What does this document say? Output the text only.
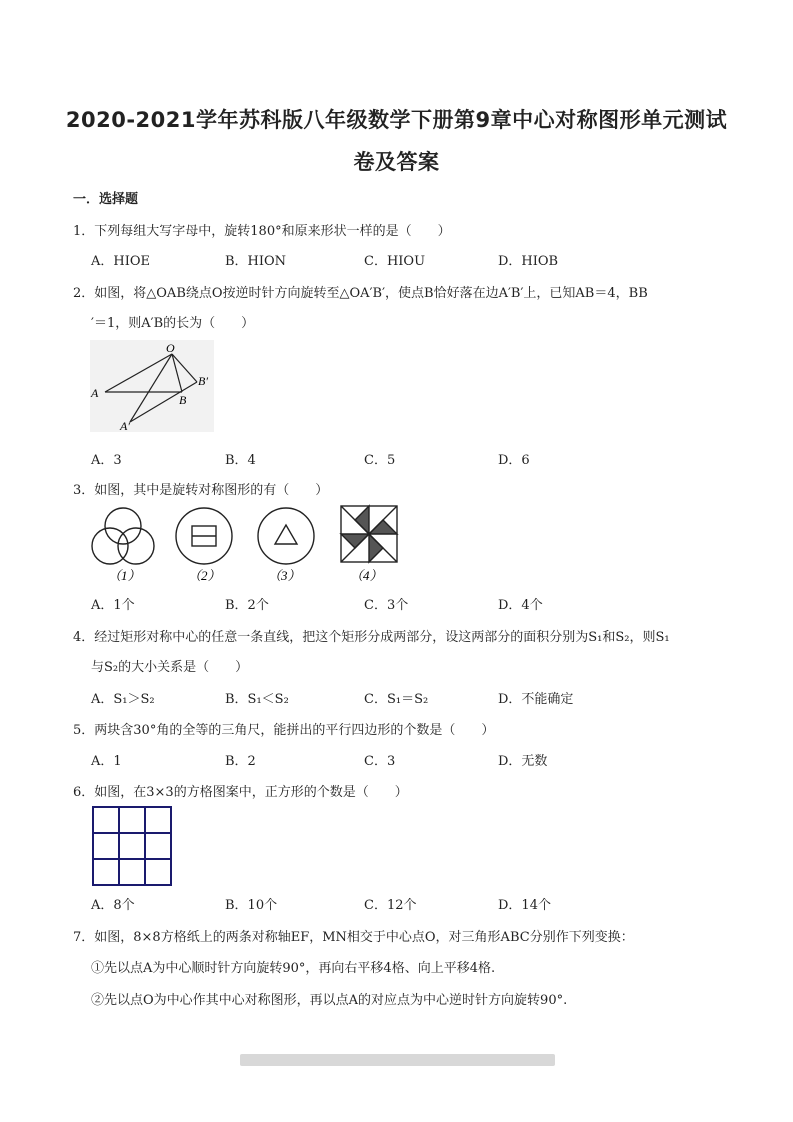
2020-2021学年苏科版八年级数学下册第9章中心对称图形单元测试
卷及答案
一．选择题
1．下列每组大写字母中，旋转180°和原来形状一样的是（　　）
A．HIOE	B．HION	C．HIOU	D．HIOB
2．如图，将△OAB绕点O按逆时针方向旋转至△OA′B′，使点B恰好落在边A′B′上，已知AB＝4，BB
′＝1，则A′B的长为（　　）
O
A	B
B′
A′
A．3	B．4	C．5	D．6
3．如图，其中是旋转对称图形的有（　　）
（1）	（2）	（3）	（4）
A．1个	B．2个	C．3个	D．4个
4．经过矩形对称中心的任意一条直线，把这个矩形分成两部分，设这两部分的面积分别为S₁和S₂，则S₁
与S₂的大小关系是（　　）
A．S₁＞S₂	B．S₁＜S₂	C．S₁＝S₂	D．不能确定
5．两块含30°角的全等的三角尺，能拼出的平行四边形的个数是（　　）
A．1	B．2	C．3	D．无数
6．如图，在3×3的方格图案中，正方形的个数是（　　）
A．8个	B．10个	C．12个	D．14个
7．如图，8×8方格纸上的两条对称轴EF，MN相交于中心点O，对三角形ABC分别作下列变换：
①先以点A为中心顺时针方向旋转90°，再向右平移4格、向上平移4格.
②先以点O为中心作其中心对称图形，再以点A的对应点为中心逆时针方向旋转90°.
